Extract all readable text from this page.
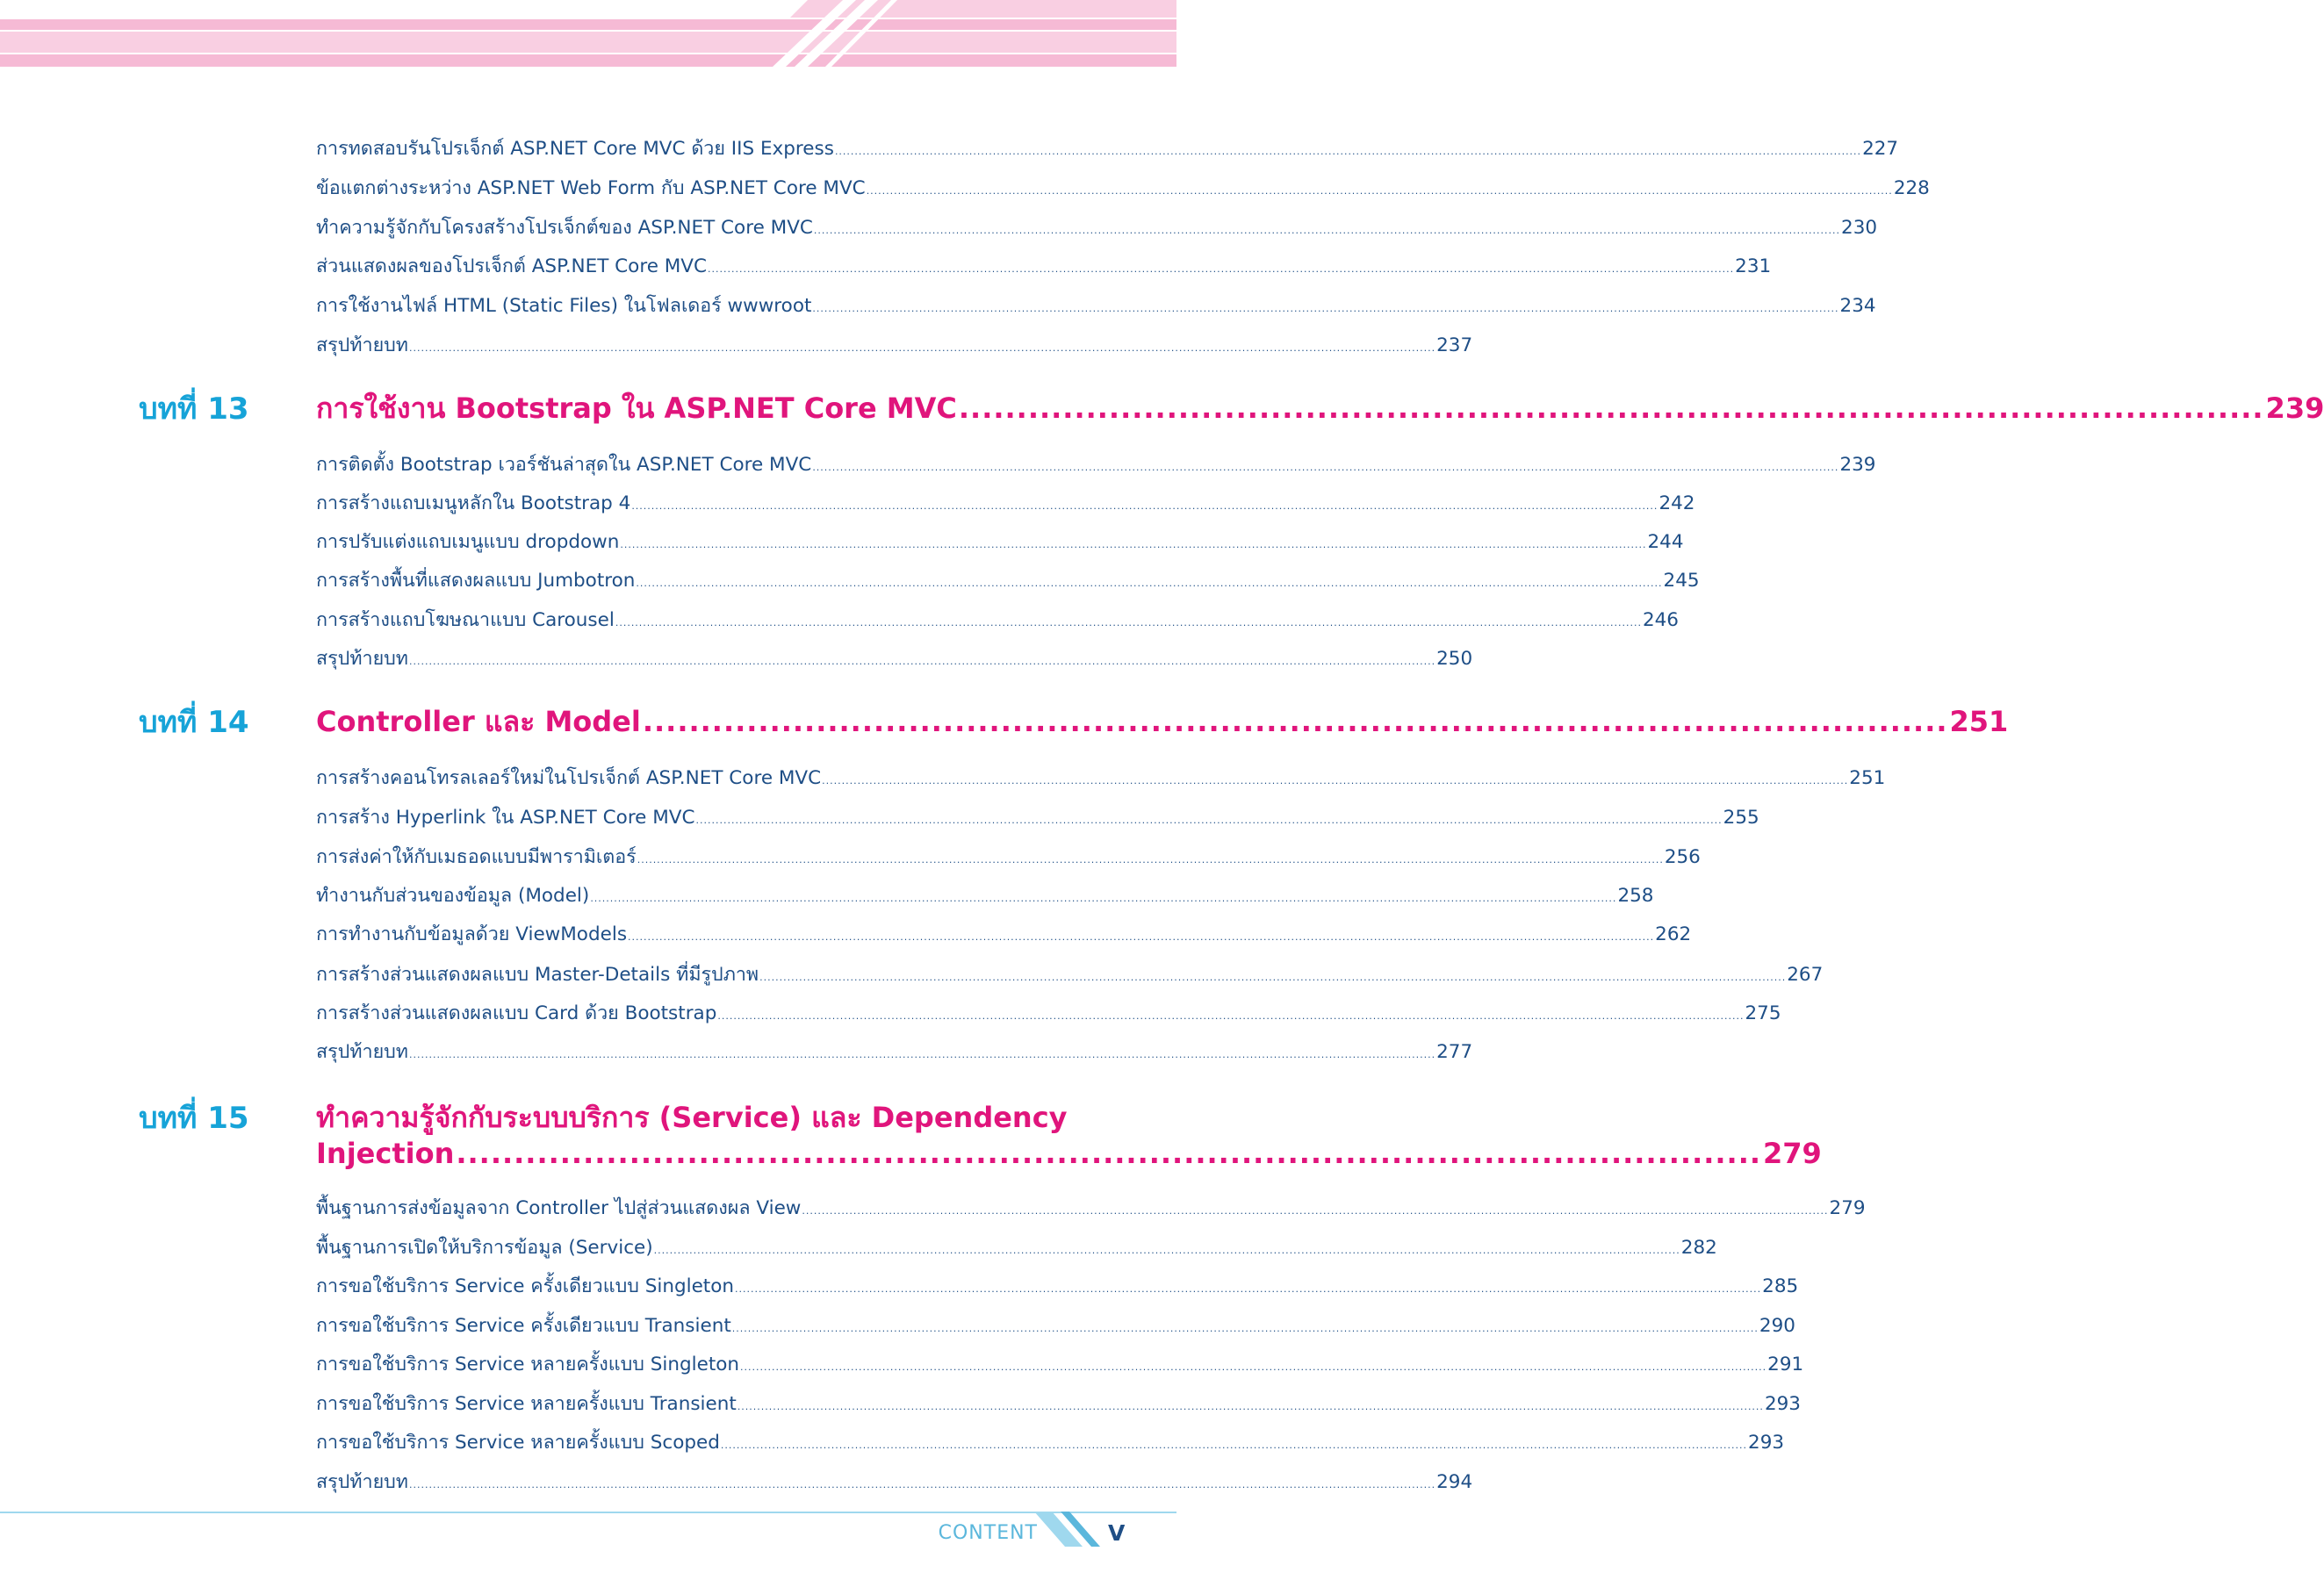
บทที่ 13	การใช้งาน Bootstrap ใน ASP.NET Core MVC ................................................................................................................. 239
บทที่ 14	Controller และ Model ................................................................................................................. 251
บทที่ 15	ทำความรู้จักกับระบบบริการ (Service) และ Dependency
Injection ................................................................................................................. 279
การทดสอบรันโปรเจ็กต์ ASP.NET Core MVC ด้วย IIS Express .................................................................................................................................................................................................................................................................... 227
ข้อแตกต่างระหว่าง ASP.NET Web Form กับ ASP.NET Core MVC .................................................................................................................................................................................................................................................................... 228
ทำความรู้จักกับโครงสร้างโปรเจ็กต์ของ ASP.NET Core MVC .................................................................................................................................................................................................................................................................... 230
ส่วนแสดงผลของโปรเจ็กต์ ASP.NET Core MVC .................................................................................................................................................................................................................................................................... 231
การใช้งานไฟล์ HTML (Static Files) ในโฟลเดอร์ wwwroot .................................................................................................................................................................................................................................................................... 234
สรุปท้ายบท .................................................................................................................................................................................................................................................................... 237
การติดตั้ง Bootstrap เวอร์ชันล่าสุดใน ASP.NET Core MVC .................................................................................................................................................................................................................................................................... 239
การสร้างแถบเมนูหลักใน Bootstrap 4 .................................................................................................................................................................................................................................................................... 242
การปรับแต่งแถบเมนูแบบ dropdown .................................................................................................................................................................................................................................................................... 244
การสร้างพื้นที่แสดงผลแบบ Jumbotron .................................................................................................................................................................................................................................................................... 245
การสร้างแถบโฆษณาแบบ Carousel .................................................................................................................................................................................................................................................................... 246
สรุปท้ายบท .................................................................................................................................................................................................................................................................... 250
การสร้างคอนโทรลเลอร์ใหม่ในโปรเจ็กต์ ASP.NET Core MVC .................................................................................................................................................................................................................................................................... 251
การสร้าง Hyperlink ใน ASP.NET Core MVC .................................................................................................................................................................................................................................................................... 255
การส่งค่าให้กับเมธอดแบบมีพารามิเตอร์ .................................................................................................................................................................................................................................................................... 256
ทำงานกับส่วนของข้อมูล (Model) .................................................................................................................................................................................................................................................................... 258
การทำงานกับข้อมูลด้วย ViewModels .................................................................................................................................................................................................................................................................... 262
การสร้างส่วนแสดงผลแบบ Master-Details ที่มีรูปภาพ .................................................................................................................................................................................................................................................................... 267
การสร้างส่วนแสดงผลแบบ Card ด้วย Bootstrap .................................................................................................................................................................................................................................................................... 275
สรุปท้ายบท .................................................................................................................................................................................................................................................................... 277
พื้นฐานการส่งข้อมูลจาก Controller ไปสู่ส่วนแสดงผล View .................................................................................................................................................................................................................................................................... 279
พื้นฐานการเปิดให้บริการข้อมูล (Service) .................................................................................................................................................................................................................................................................... 282
การขอใช้บริการ Service ครั้งเดียวแบบ Singleton .................................................................................................................................................................................................................................................................... 285
การขอใช้บริการ Service ครั้งเดียวแบบ Transient .................................................................................................................................................................................................................................................................... 290
การขอใช้บริการ Service หลายครั้งแบบ Singleton .................................................................................................................................................................................................................................................................... 291
การขอใช้บริการ Service หลายครั้งแบบ Transient .................................................................................................................................................................................................................................................................... 293
การขอใช้บริการ Service หลายครั้งแบบ Scoped .................................................................................................................................................................................................................................................................... 293
สรุปท้ายบท .................................................................................................................................................................................................................................................................... 294
CONTENT	V
